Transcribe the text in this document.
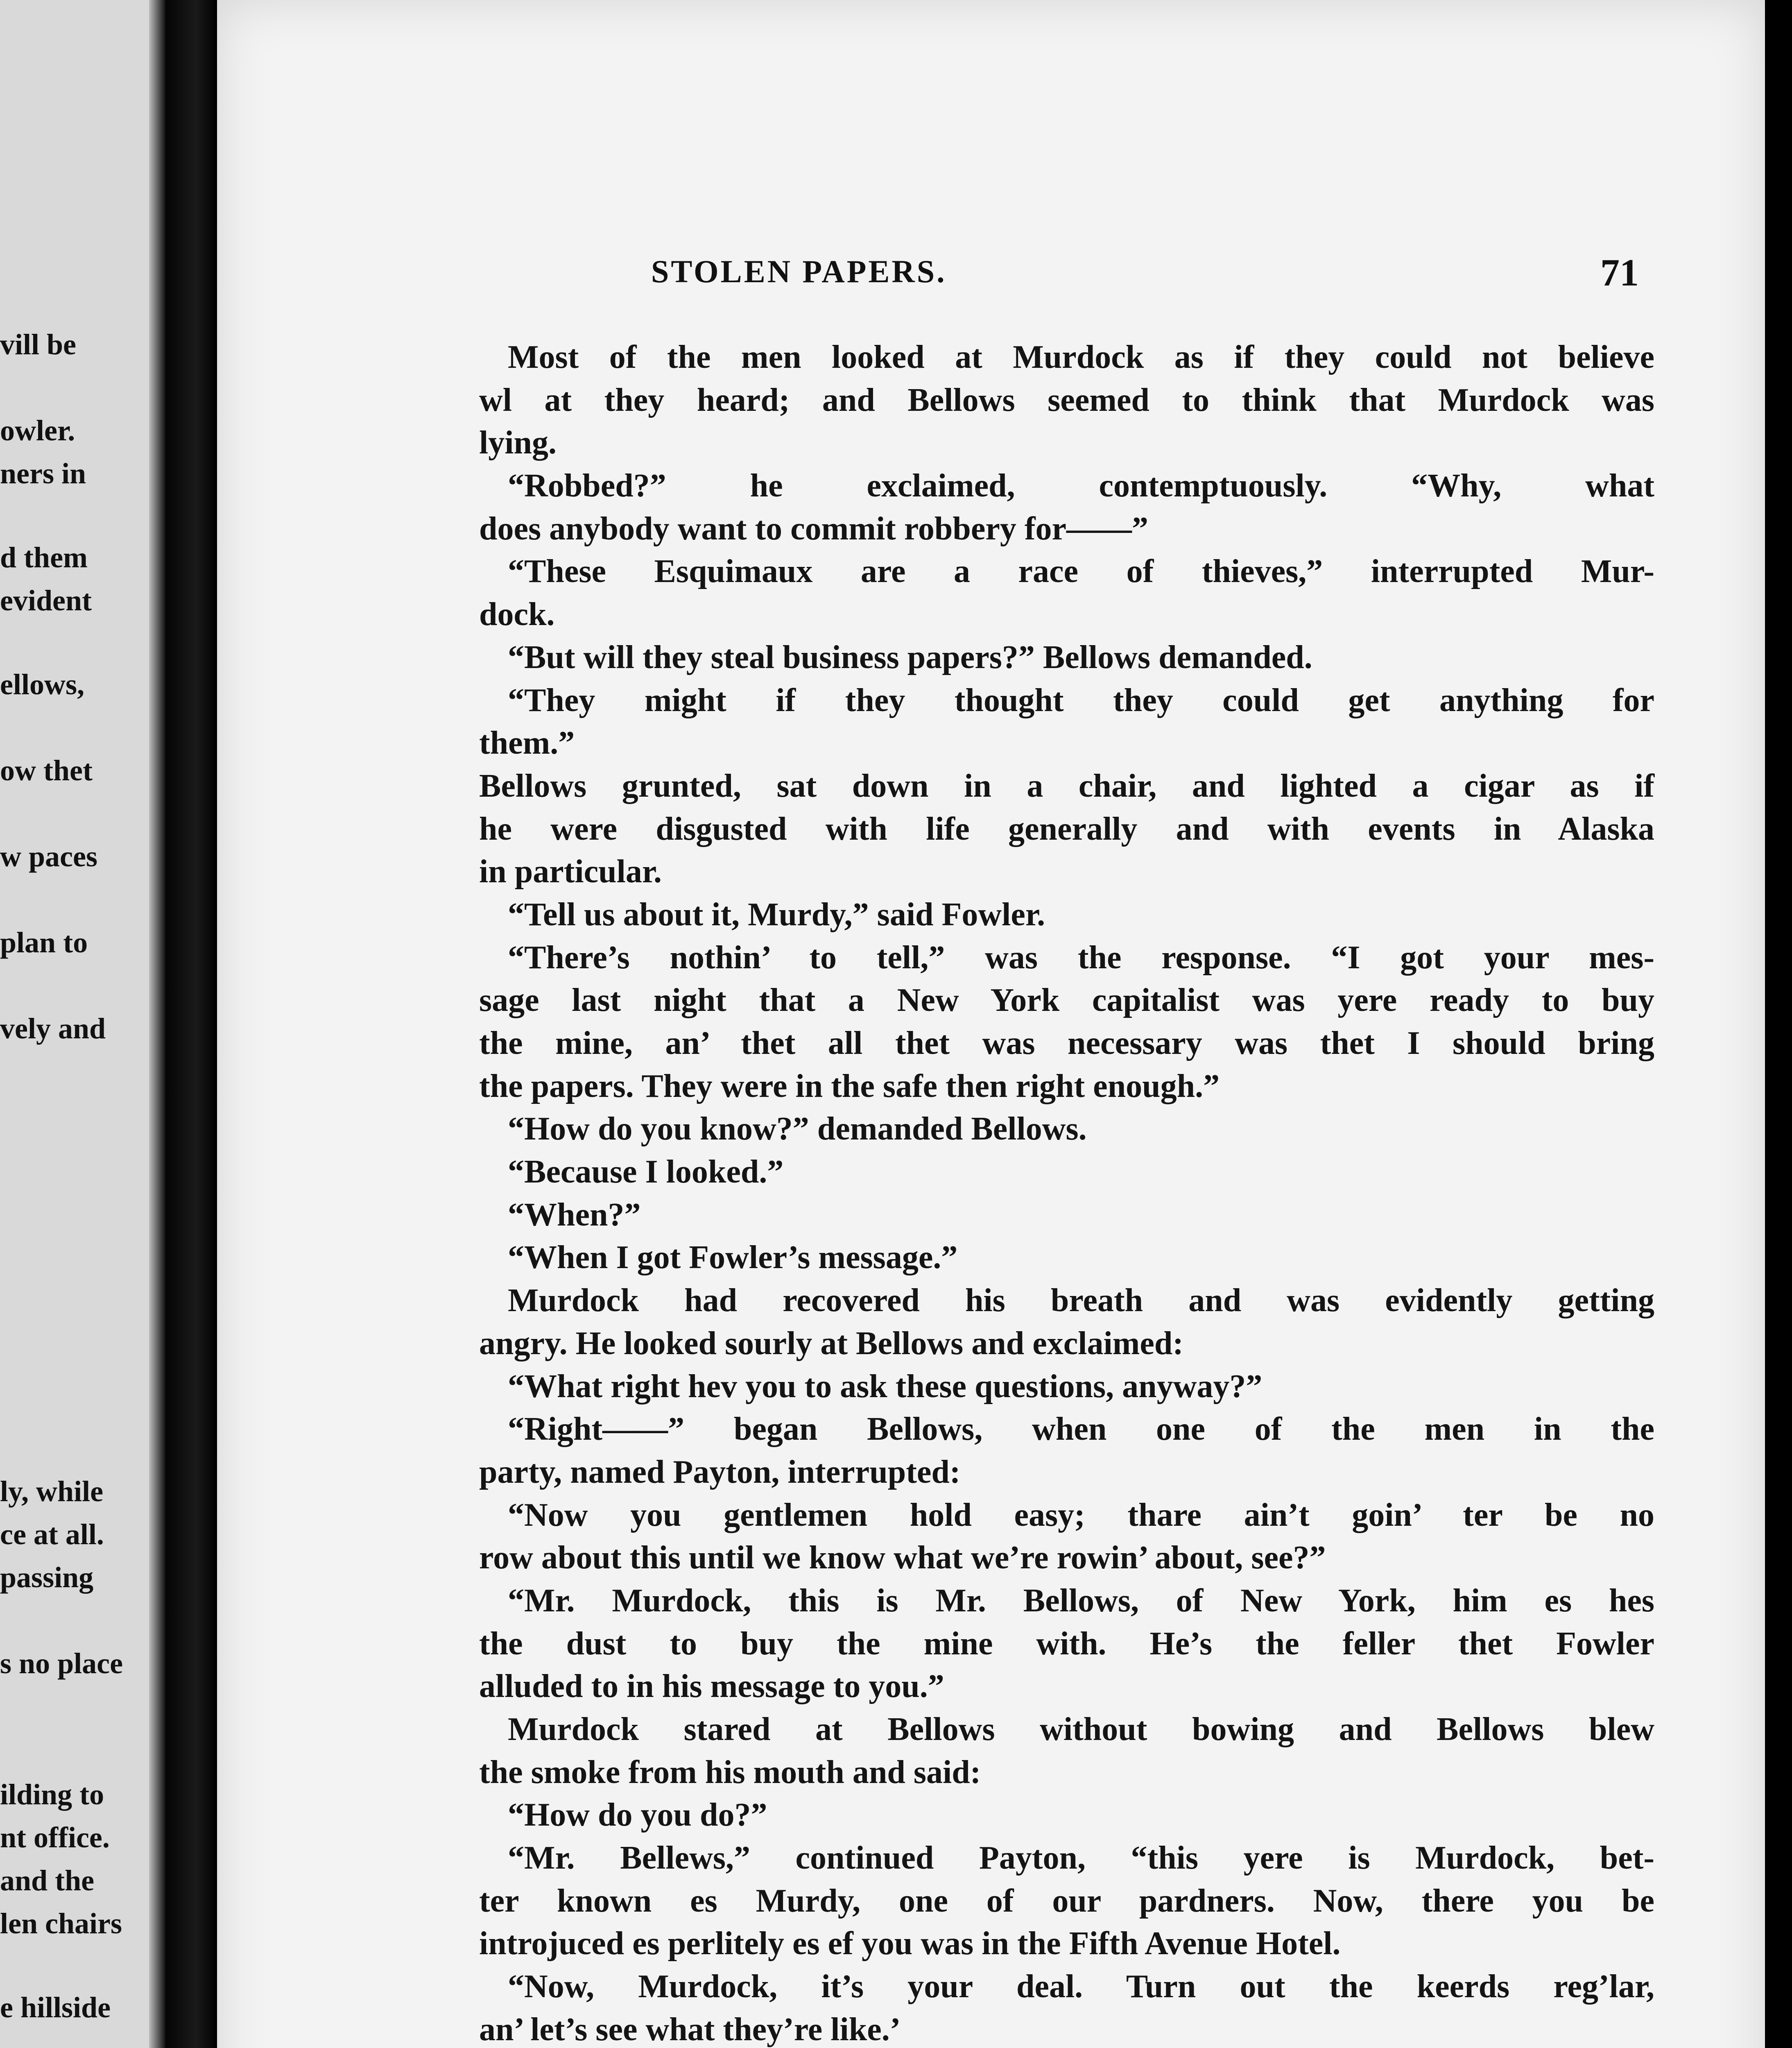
vill be
owler.
ners in
d them
evident
ellows,
ow thet
w paces
plan to
vely and
ly, while
ce at all.
passing
s no place
ilding to
nt office.
and the
len chairs
e hillside
STOLEN PAPERS.	71
Most of the men looked at Murdock as if they could not believe
wl at they heard; and Bellows seemed to think that Murdock was
lying.
“Robbed?” he exclaimed, contemptuously. “Why, what
does anybody want to commit robbery for——”
“These Esquimaux are a race of thieves,” interrupted Mur-
dock.
“But will they steal business papers?” Bellows demanded.
“They might if they thought they could get anything for
them.”
Bellows grunted, sat down in a chair, and lighted a cigar as if
he were disgusted with life generally and with events in Alaska
in particular.
“Tell us about it, Murdy,” said Fowler.
“There’s nothin’ to tell,” was the response. “I got your mes-
sage last night that a New York capitalist was yere ready to buy
the mine, an’ thet all thet was necessary was thet I should bring
the papers. They were in the safe then right enough.”
“How do you know?” demanded Bellows.
“Because I looked.”
“When?”
“When I got Fowler’s message.”
Murdock had recovered his breath and was evidently getting
angry. He looked sourly at Bellows and exclaimed:
“What right hev you to ask these questions, anyway?”
“Right——” began Bellows, when one of the men in the
party, named Payton, interrupted:
“Now you gentlemen hold easy; thare ain’t goin’ ter be no
row about this until we know what we’re rowin’ about, see?”
“Mr. Murdock, this is Mr. Bellows, of New York, him es hes
the dust to buy the mine with. He’s the feller thet Fowler
alluded to in his message to you.”
Murdock stared at Bellows without bowing and Bellows blew
the smoke from his mouth and said:
“How do you do?”
“Mr. Bellews,” continued Payton, “this yere is Murdock, bet-
ter known es Murdy, one of our pardners. Now, there you be
introjuced es perlitely es ef you was in the Fifth Avenue Hotel.
“Now, Murdock, it’s your deal. Turn out the keerds reg’lar,
an’ let’s see what they’re like.’
